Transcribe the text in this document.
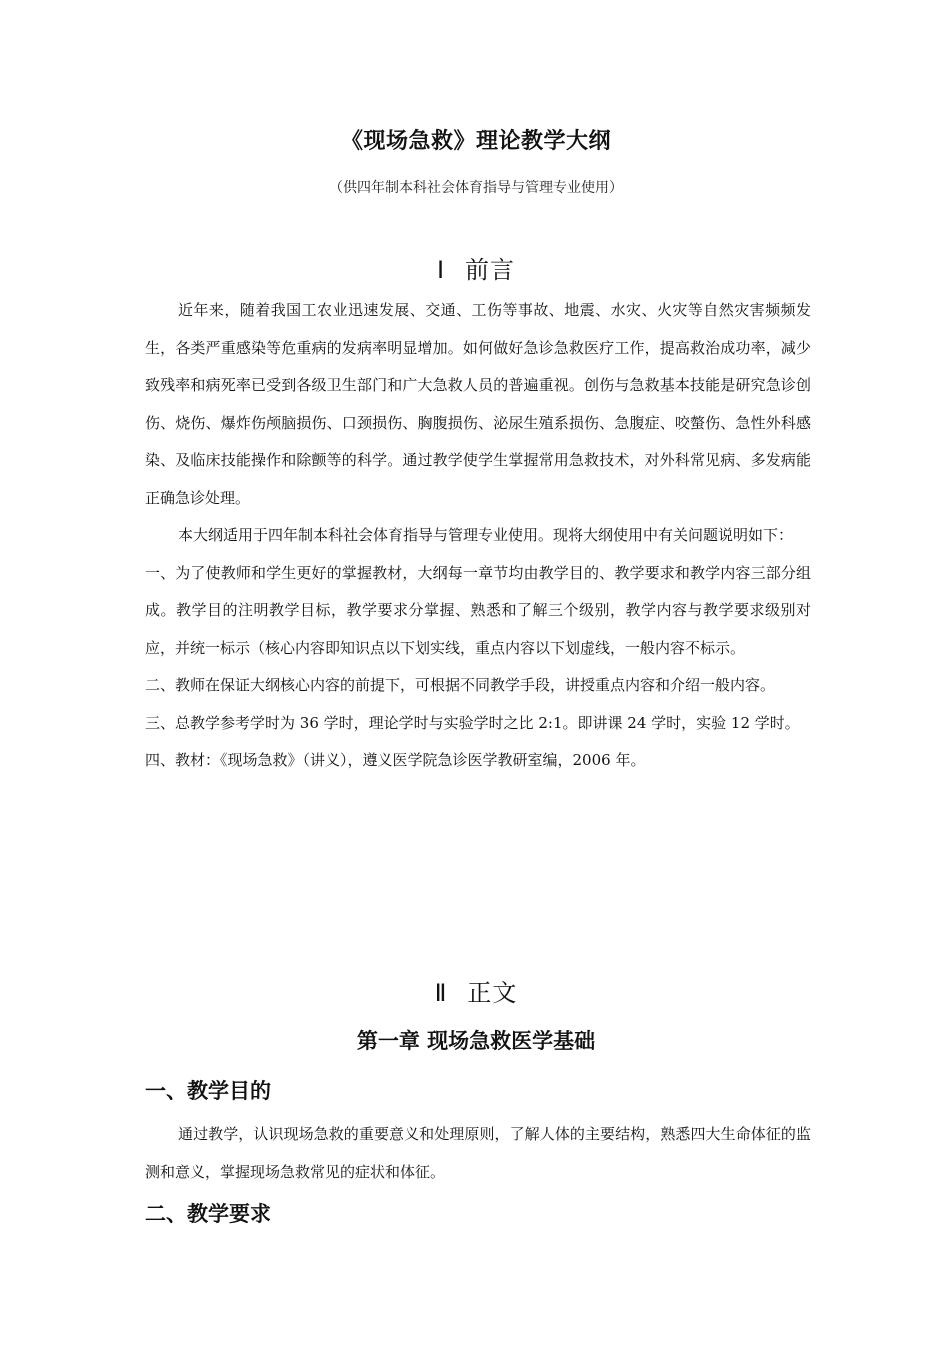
《现场急救》理论教学大纲
（供四年制本科社会体育指导与管理专业使用）
Ⅰ 前言

近年来，随着我国工农业迅速发展、交通、工伤等事故、地震、水灾、火灾等自然灾害频频发生，各类严重感染等危重病的发病率明显增加。如何做好急诊急救医疗工作，提高救治成功率，减少致残率和病死率已受到各级卫生部门和广大急救人员的普遍重视。创伤与急救基本技能是研究急诊创伤、烧伤、爆炸伤颅脑损伤、口颈损伤、胸腹损伤、泌尿生殖系损伤、急腹症、咬螫伤、急性外科感染、及临床技能操作和除颤等的科学。通过教学使学生掌握常用急救技术，对外科常见病、多发病能正确急诊处理。

本大纲适用于四年制本科社会体育指导与管理专业使用。现将大纲使用中有关问题说明如下：

一、为了使教师和学生更好的掌握教材，大纲每一章节均由教学目的、教学要求和教学内容三部分组成。教学目的注明教学目标，教学要求分掌握、熟悉和了解三个级别，教学内容与教学要求级别对应，并统一标示（核心内容即知识点以下划实线，重点内容以下划虚线，一般内容不标示。

二、教师在保证大纲核心内容的前提下，可根据不同教学手段，讲授重点内容和介绍一般内容。

三、总教学参考学时为 36 学时，理论学时与实验学时之比 2:1。即讲课 24 学时，实验 12 学时。

四、教材：《现场急救》（讲义），遵义医学院急诊医学教研室编，2006 年。

Ⅱ 正文
第一章 现场急救医学基础
一、教学目的

通过教学，认识现场急救的重要意义和处理原则，了解人体的主要结构，熟悉四大生命体征的监测和意义，掌握现场急救常见的症状和体征。

二、教学要求
